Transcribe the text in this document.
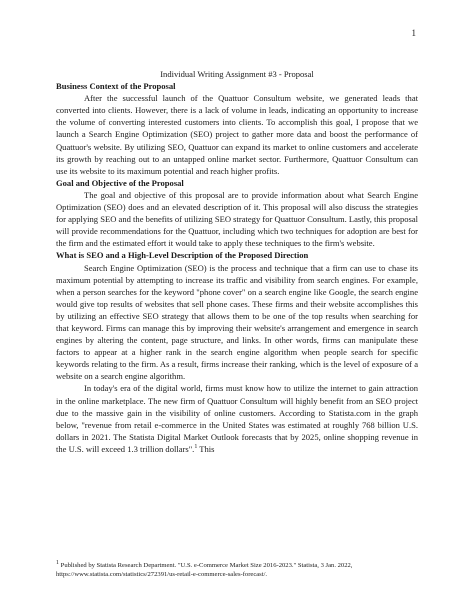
1

Individual Writing Assignment #3 - Proposal

Business Context of the Proposal

After the successful launch of the Quattuor Consultum website, we generated leads that converted into clients. However, there is a lack of volume in leads, indicating an opportunity to increase the volume of converting interested customers into clients. To accomplish this goal, I propose that we launch a Search Engine Optimization (SEO) project to gather more data and boost the performance of Quattuor's website. By utilizing SEO, Quattuor can expand its market to online customers and accelerate its growth by reaching out to an untapped online market sector. Furthermore, Quattuor Consultum can use its website to its maximum potential and reach higher profits.

Goal and Objective of the Proposal

The goal and objective of this proposal are to provide information about what Search Engine Optimization (SEO) does and an elevated description of it. This proposal will also discuss the strategies for applying SEO and the benefits of utilizing SEO strategy for Quattuor Consultum. Lastly, this proposal will provide recommendations for the Quattuor, including which two techniques for adoption are best for the firm and the estimated effort it would take to apply these techniques to the firm's website.

What is SEO and a High-Level Description of the Proposed Direction

Search Engine Optimization (SEO) is the process and technique that a firm can use to chase its maximum potential by attempting to increase its traffic and visibility from search engines. For example, when a person searches for the keyword "phone cover" on a search engine like Google, the search engine would give top results of websites that sell phone cases. These firms and their website accomplishes this by utilizing an effective SEO strategy that allows them to be one of the top results when searching for that keyword. Firms can manage this by improving their website's arrangement and emergence in search engines by altering the content, page structure, and links. In other words, firms can manipulate these factors to appear at a higher rank in the search engine algorithm when people search for specific keywords relating to the firm. As a result, firms increase their ranking, which is the level of exposure of a website on a search engine algorithm.

In today's era of the digital world, firms must know how to utilize the internet to gain attraction in the online marketplace. The new firm of Quattuor Consultum will highly benefit from an SEO project due to the massive gain in the visibility of online customers. According to Statista.com in the graph below, "revenue from retail e-commerce in the United States was estimated at roughly 768 billion U.S. dollars in 2021. The Statista Digital Market Outlook forecasts that by 2025, online shopping revenue in the U.S. will exceed 1.3 trillion dollars".$^1$ This

$^1$ Published by Statista Research Department. "U.S. e-Commerce Market Size 2016-2023." Statista, 3 Jan. 2022, https://www.statista.com/statistics/272391/us-retail-e-commerce-sales-forecast/.
